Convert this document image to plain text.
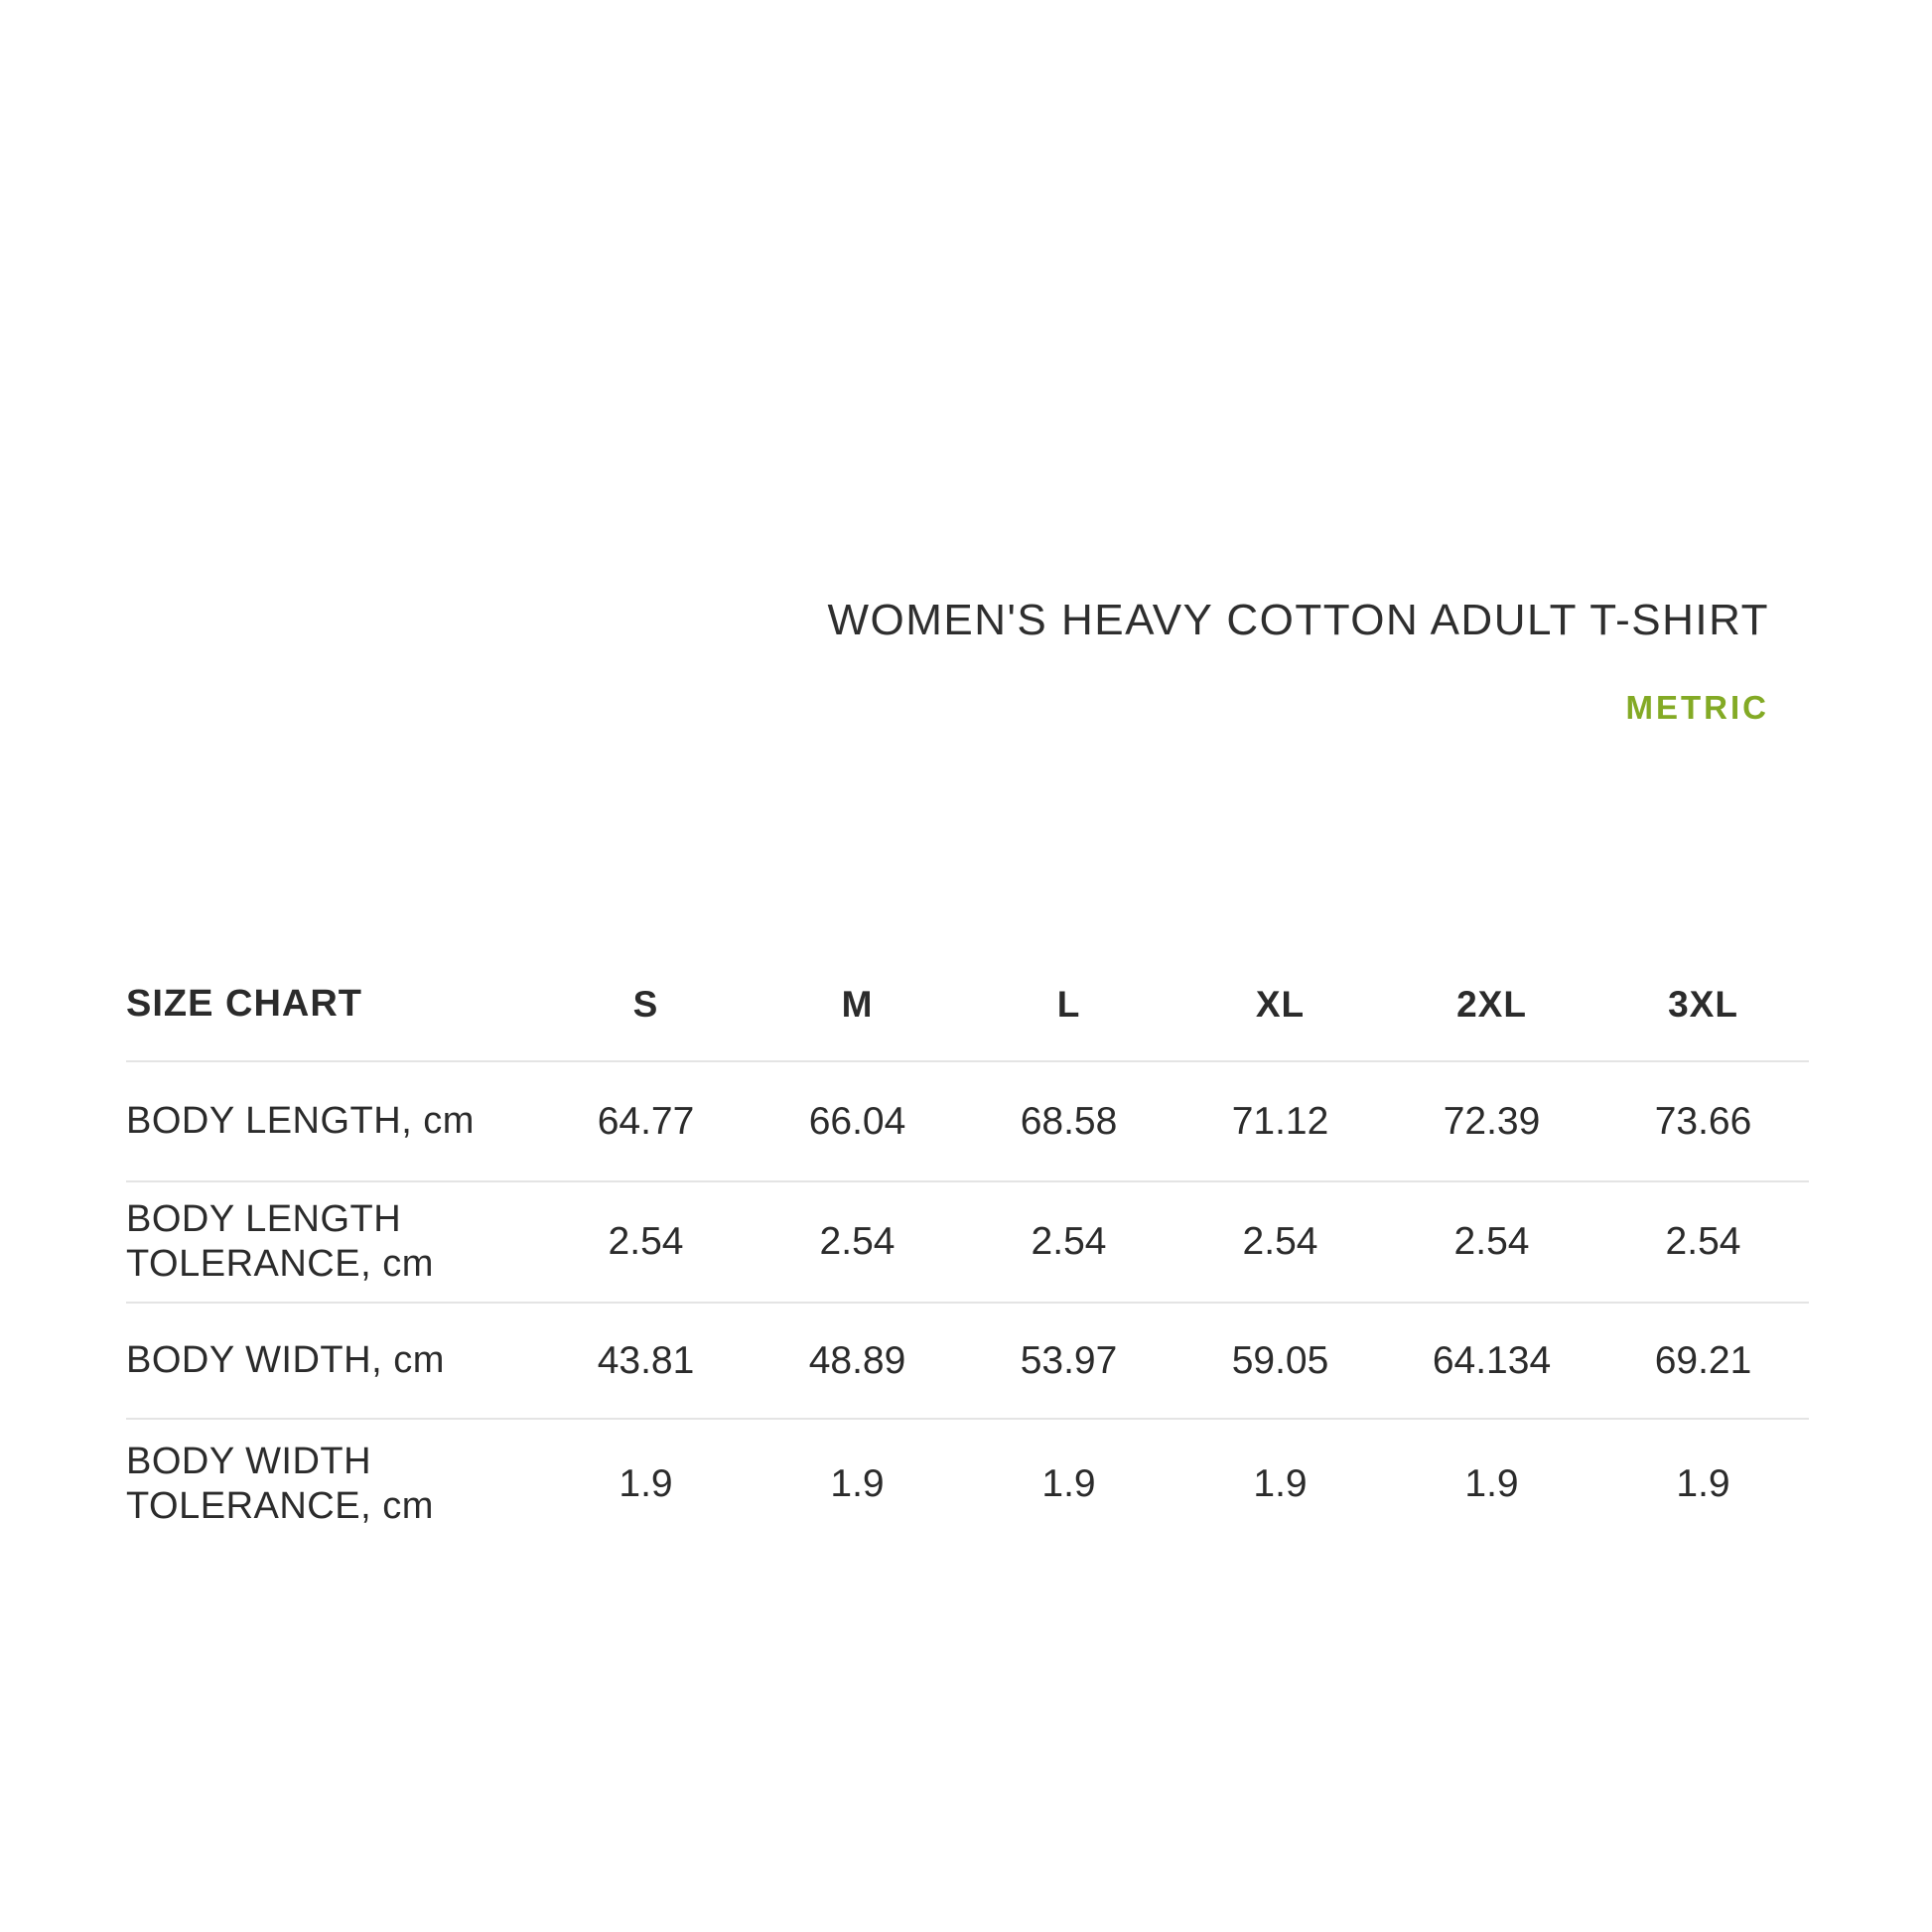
WOMEN'S HEAVY COTTON ADULT T-SHIRT
METRIC
SIZE CHART	S	M	L	XL	2XL	3XL
BODY LENGTH, cm	64.77	66.04	68.58	71.12	72.39	73.66
BODY LENGTH TOLERANCE, cm	2.54	2.54	2.54	2.54	2.54	2.54
BODY WIDTH, cm	43.81	48.89	53.97	59.05	64.134	69.21
BODY WIDTH TOLERANCE, cm	1.9	1.9	1.9	1.9	1.9	1.9
